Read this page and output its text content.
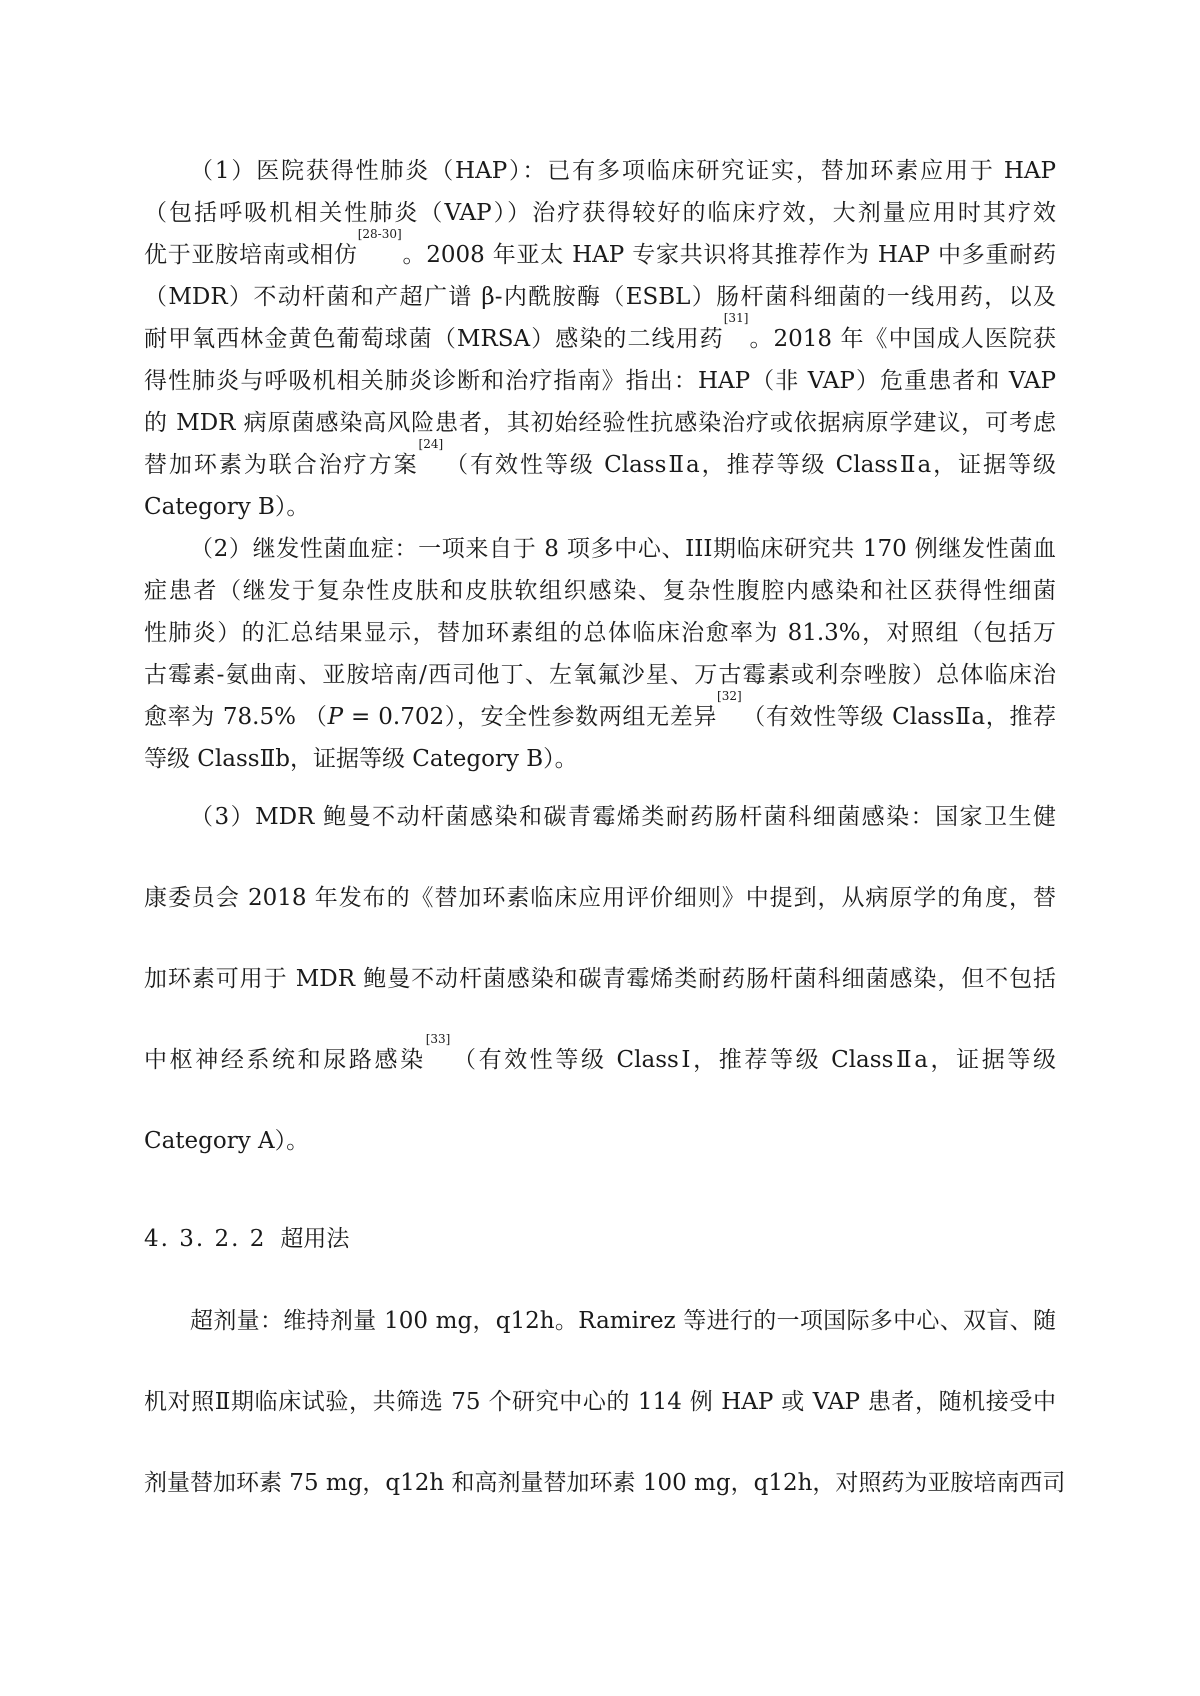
（1）医院获得性肺炎（HAP）：已有多项临床研究证实，替加环素应用于 HAP
（包括呼吸机相关性肺炎（VAP））治疗获得较好的临床疗效，大剂量应用时其疗效
优于亚胺培南或相仿[28-30]。2008 年亚太 HAP 专家共识将其推荐作为 HAP 中多重耐药
（MDR）不动杆菌和产超广谱 β-内酰胺酶（ESBL）肠杆菌科细菌的一线用药，以及
耐甲氧西林金黄色葡萄球菌（MRSA）感染的二线用药[31]。2018 年《中国成人医院获
得性肺炎与呼吸机相关肺炎诊断和治疗指南》指出：HAP（非 VAP）危重患者和 VAP
的 MDR 病原菌感染高风险患者，其初始经验性抗感染治疗或依据病原学建议，可考虑
替加环素为联合治疗方案[24]（有效性等级 ClassⅡa，推荐等级 ClassⅡa，证据等级
Category B）。

（2）继发性菌血症：一项来自于 8 项多中心、III期临床研究共 170 例继发性菌血
症患者（继发于复杂性皮肤和皮肤软组织感染、复杂性腹腔内感染和社区获得性细菌
性肺炎）的汇总结果显示，替加环素组的总体临床治愈率为 81.3%，对照组（包括万
古霉素-氨曲南、亚胺培南/西司他丁、左氧氟沙星、万古霉素或利奈唑胺）总体临床治
愈率为 78.5% （P = 0.702），安全性参数两组无差异[32]（有效性等级 ClassⅡa，推荐
等级 ClassⅡb，证据等级 Category B）。

（3）MDR 鲍曼不动杆菌感染和碳青霉烯类耐药肠杆菌科细菌感染：国家卫生健
康委员会 2018 年发布的《替加环素临床应用评价细则》中提到，从病原学的角度，替
加环素可用于 MDR 鲍曼不动杆菌感染和碳青霉烯类耐药肠杆菌科细菌感染，但不包括
中枢神经系统和尿路感染[33]（有效性等级 ClassⅠ，推荐等级 ClassⅡa，证据等级
Category A）。

4. 3. 2. 2 超用法

超剂量：维持剂量 100 mg，q12h。Ramirez 等进行的一项国际多中心、双盲、随
机对照Ⅱ期临床试验，共筛选 75 个研究中心的 114 例 HAP 或 VAP 患者，随机接受中
剂量替加环素 75 mg，q12h 和高剂量替加环素 100 mg，q12h，对照药为亚胺培南西司
